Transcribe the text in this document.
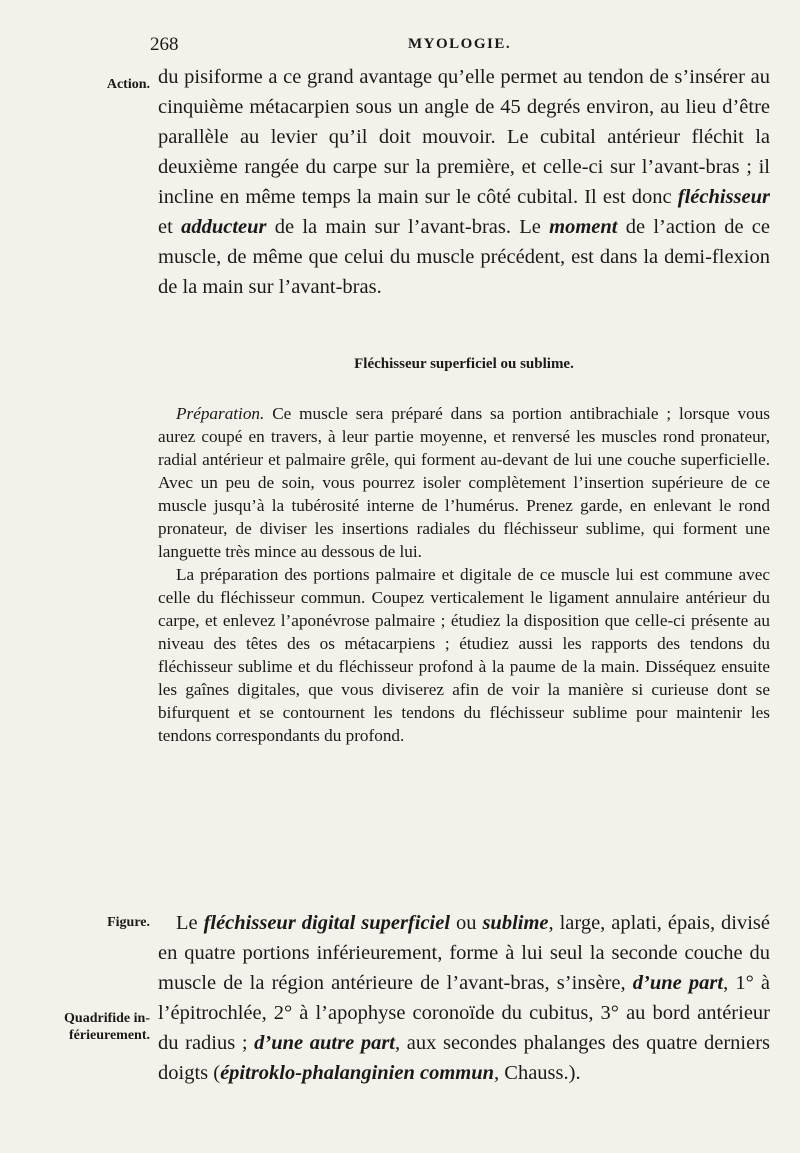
268	MYOLOGIE.
Action.
Figure.
Quadrifide in-férieurement.

du pisiforme a ce grand avantage qu’elle permet au tendon de s’insérer au cinquième métacarpien sous un angle de 45 degrés environ, au lieu d’être parallèle au levier qu’il doit mouvoir. Le cubital antérieur fléchit la deuxième rangée du carpe sur la première, et celle-ci sur l’avant-bras ; il incline en même temps la main sur le côté cubital. Il est donc fléchisseur et adducteur de la main sur l’avant-bras. Le moment de l’action de ce muscle, de même que celui du muscle précédent, est dans la demi-flexion de la main sur l’avant-bras.

Fléchisseur superficiel ou sublime.

Préparation. Ce muscle sera préparé dans sa portion antibrachiale ; lorsque vous aurez coupé en travers, à leur partie moyenne, et renversé les muscles rond pronateur, radial antérieur et palmaire grêle, qui forment au-devant de lui une couche superficielle. Avec un peu de soin, vous pourrez isoler complètement l’insertion supérieure de ce muscle jusqu’à la tubérosité interne de l’humérus. Prenez garde, en enlevant le rond pronateur, de diviser les insertions radiales du fléchisseur sublime, qui forment une languette très mince au dessous de lui.

La préparation des portions palmaire et digitale de ce muscle lui est commune avec celle du fléchisseur commun. Coupez verticalement le ligament annulaire antérieur du carpe, et enlevez l’aponévrose palmaire ; étudiez la disposition que celle-ci présente au niveau des têtes des os métacarpiens ; étudiez aussi les rapports des tendons du fléchisseur sublime et du fléchisseur profond à la paume de la main. Disséquez ensuite les gaînes digitales, que vous diviserez afin de voir la manière si curieuse dont se bifurquent et se contournent les tendons du fléchisseur sublime pour maintenir les tendons correspondants du profond.

Le fléchisseur digital superficiel ou sublime, large, aplati, épais, divisé en quatre portions inférieurement, forme à lui seul la seconde couche du muscle de la région antérieure de l’avant-bras, s’insère, d’une part, 1° à l’épitrochlée, 2° à l’apophyse coronoïde du cubitus, 3° au bord antérieur du radius ; d’une autre part, aux secondes phalanges des quatre derniers doigts (épitroklo-phalanginien commun, Chauss.).
